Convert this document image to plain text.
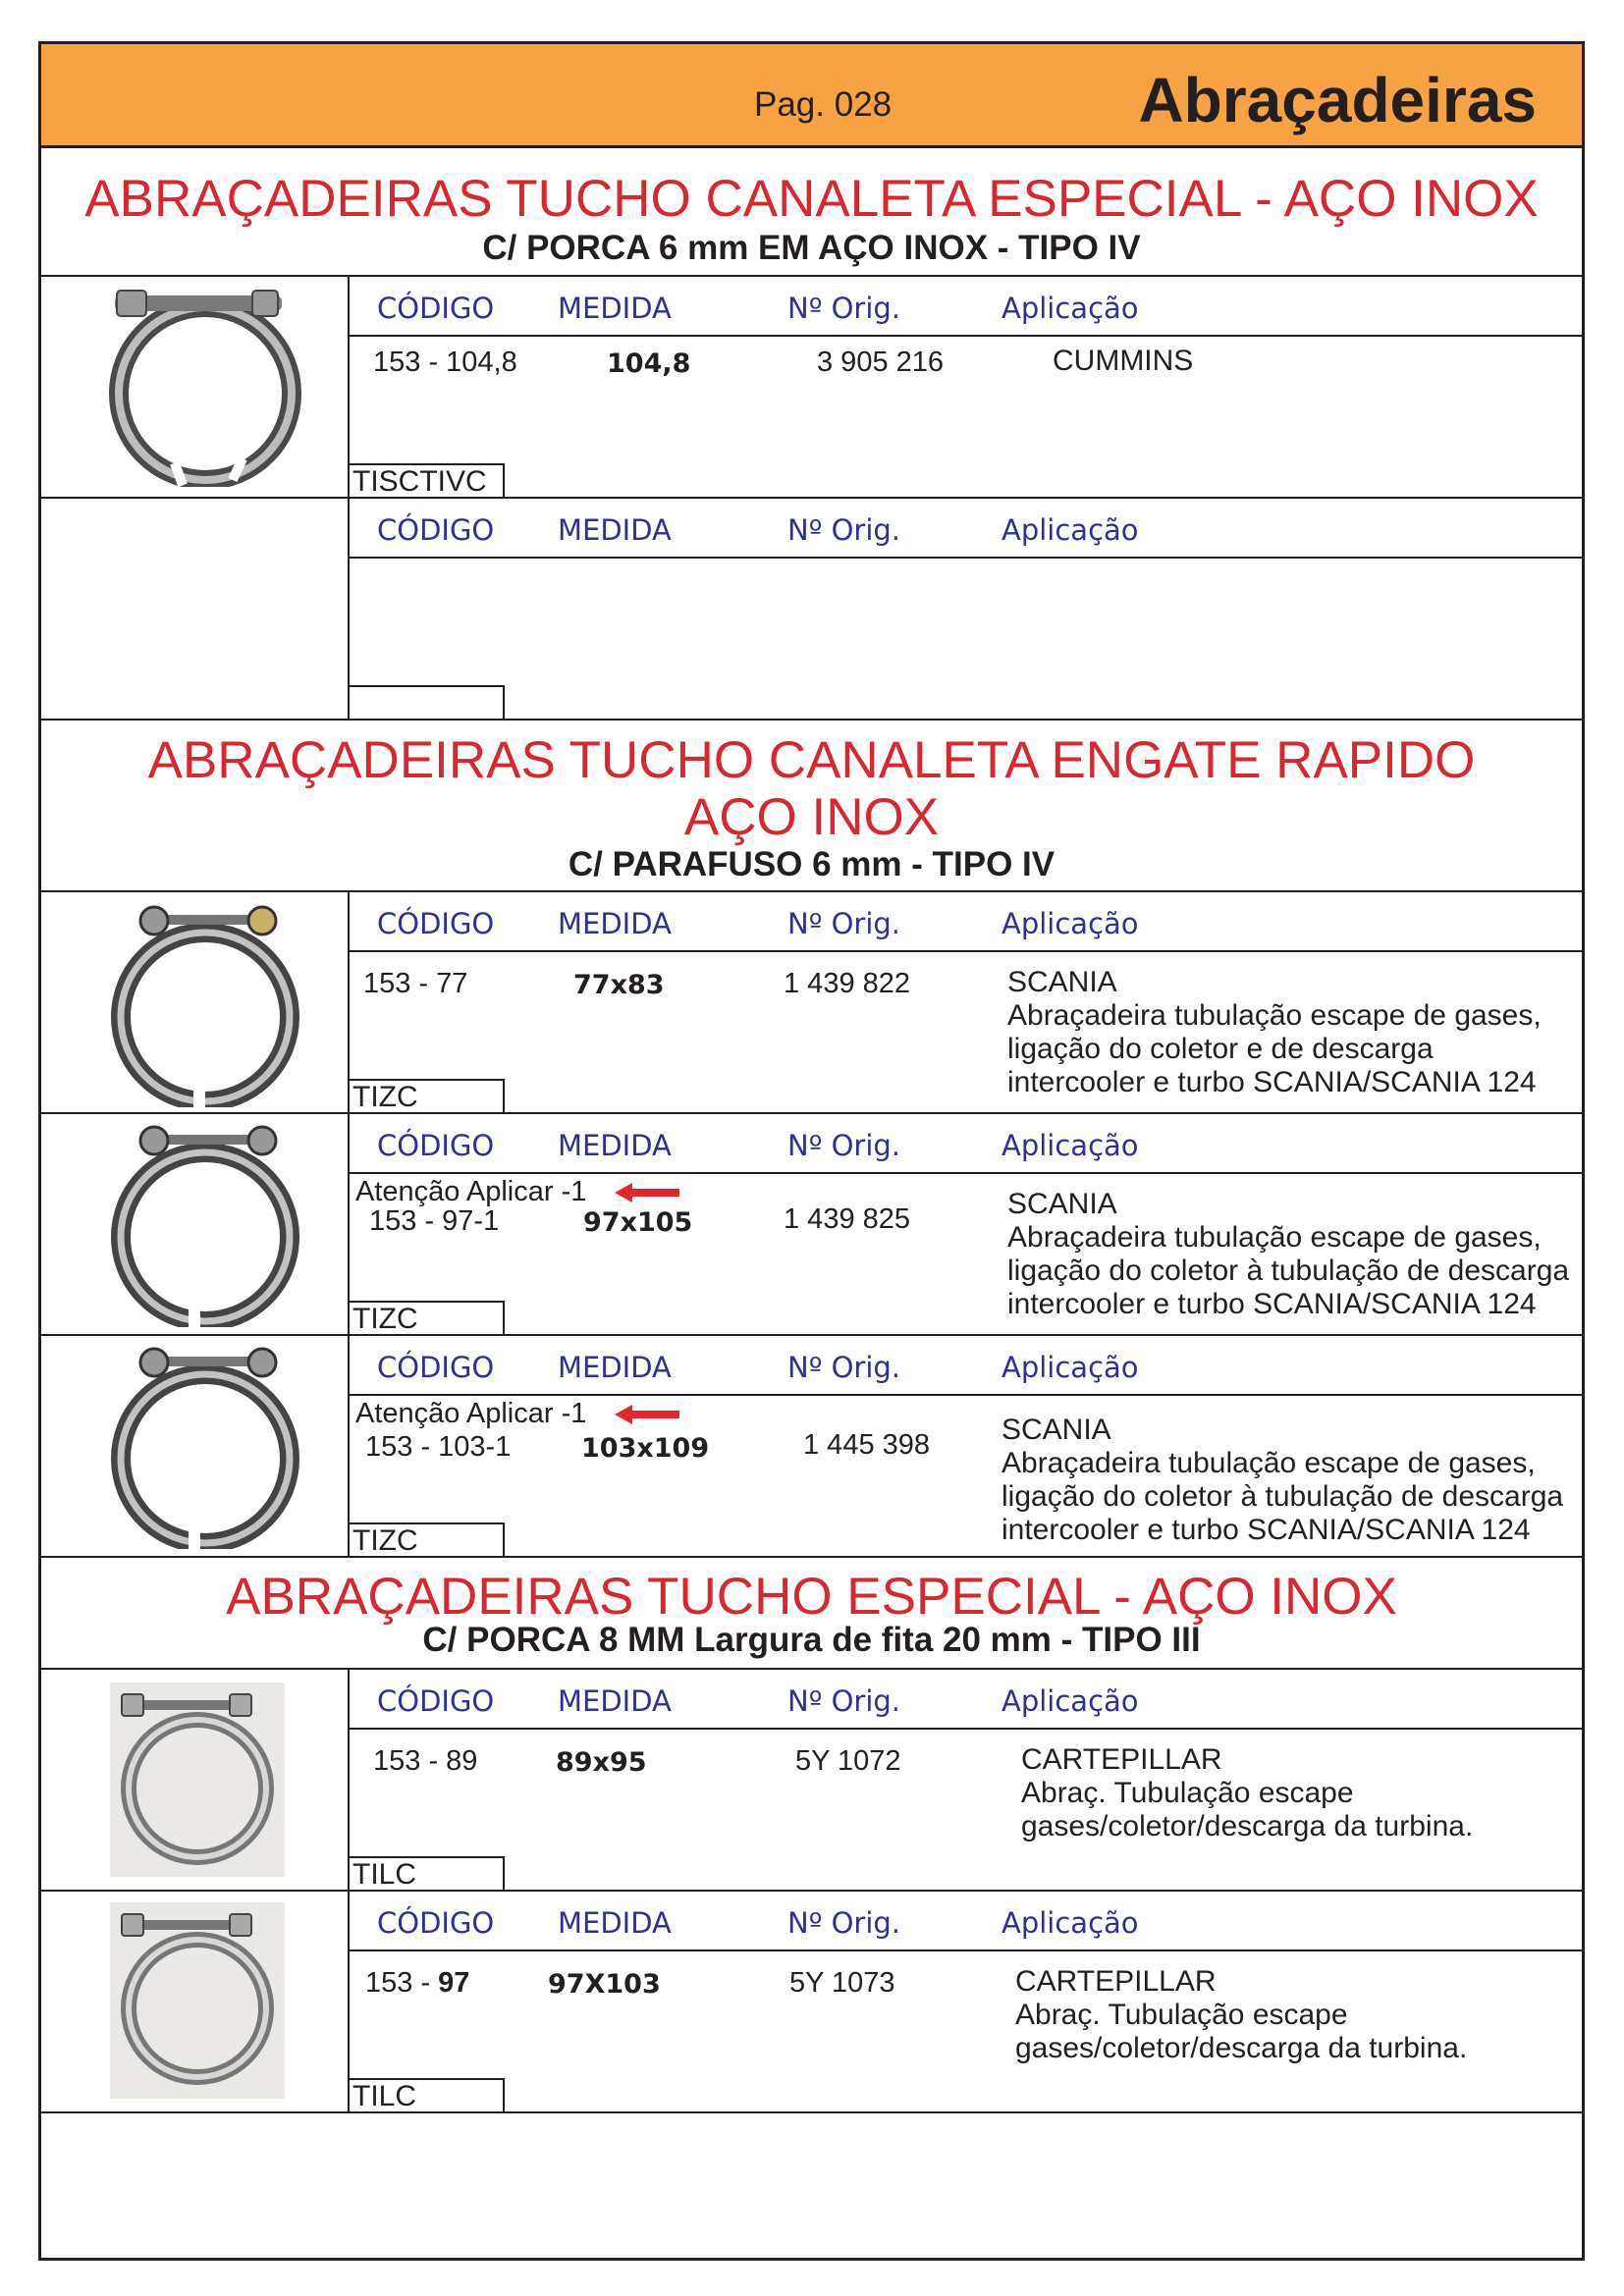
Pag. 028	Abraçadeiras
ABRAÇADEIRAS TUCHO CANALETA ESPECIAL - AÇO INOX
C/ PORCA 6 mm EM AÇO INOX - TIPO IV
CÓDIGO MEDIDA	Nº Orig.	Aplicação
153 - 104,8	104,8	3 905 216	CUMMINS
TISCTIVC
CÓDIGO MEDIDA	Nº Orig.	Aplicação
ABRAÇADEIRAS TUCHO CANALETA ENGATE RAPIDO
AÇO INOX
C/ PARAFUSO 6 mm - TIPO IV
CÓDIGO MEDIDA	Nº Orig.	Aplicação
153 - 77	77x83	1 439 822	SCANIA
Abraçadeira tubulação escape de gases,
ligação do coletor e de descarga
intercooler e turbo SCANIA/SCANIA 124
TIZC
CÓDIGO MEDIDA	Nº Orig.	Aplicação
Atenção Aplicar -1
153 - 97-1	97x105	1 439 825	SCANIA
Abraçadeira tubulação escape de gases,
ligação do coletor à tubulação de descarga
intercooler e turbo SCANIA/SCANIA 124
TIZC
CÓDIGO MEDIDA	Nº Orig.	Aplicação
Atenção Aplicar -1
153 - 103-1	103x109	1 445 398 SCANIA
Abraçadeira tubulação escape de gases,
ligação do coletor à tubulação de descarga
intercooler e turbo SCANIA/SCANIA 124
TIZC
ABRAÇADEIRAS TUCHO ESPECIAL - AÇO INOX
C/ PORCA 8 MM Largura de fita 20 mm - TIPO III
CÓDIGO MEDIDA	Nº Orig.	Aplicação
153 - 89	89x95	5Y 1072	CARTEPILLAR
Abraç. Tubulação escape
gases/coletor/descarga da turbina.
TILC
CÓDIGO MEDIDA	Nº Orig.	Aplicação
153 - 97	97X103	5Y 1073	CARTEPILLAR
Abraç. Tubulação escape
gases/coletor/descarga da turbina.
TILC
